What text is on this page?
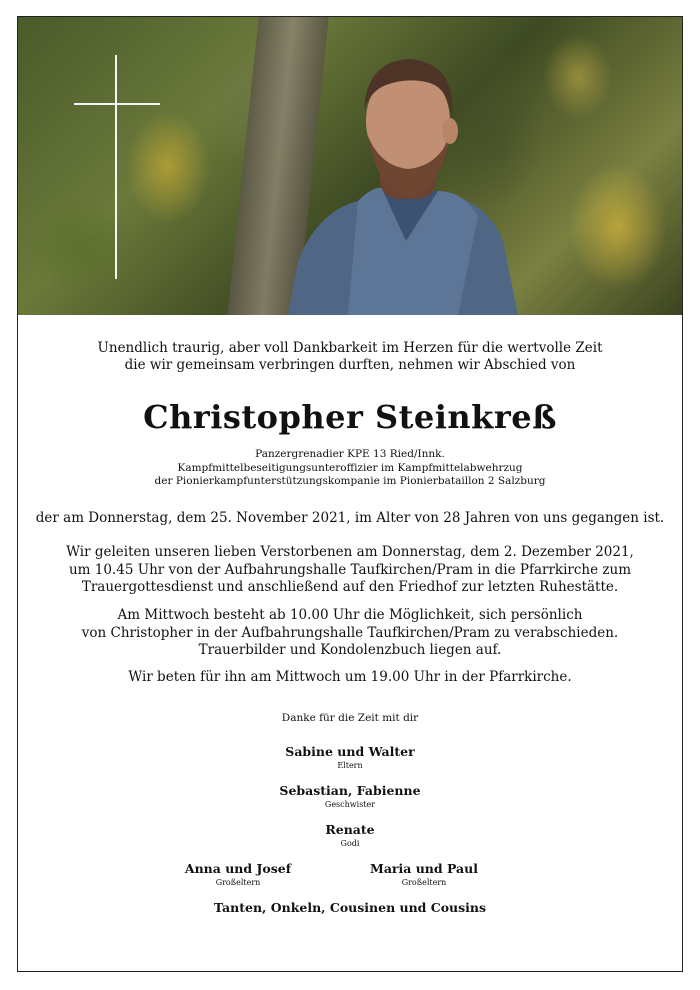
Unendlich traurig, aber voll Dankbarkeit im Herzen für die wertvolle Zeit
die wir gemeinsam verbringen durften, nehmen wir Abschied von
Christopher Steinkreß
Panzergrenadier KPE 13 Ried/Innk.
Kampfmittelbeseitigungsunteroffizier im Kampfmittelabwehrzug
der Pionierkampfunterstützungskompanie im Pionierbataillon 2 Salzburg
der am Donnerstag, dem 25. November 2021, im Alter von 28 Jahren von uns gegangen ist.
Wir geleiten unseren lieben Verstorbenen am Donnerstag, dem 2. Dezember 2021,
um 10.45 Uhr von der Aufbahrungshalle Taufkirchen/Pram in die Pfarrkirche zum
Trauergottesdienst und anschließend auf den Friedhof zur letzten Ruhestätte.
Am Mittwoch besteht ab 10.00 Uhr die Möglichkeit, sich persönlich
von Christopher in der Aufbahrungshalle Taufkirchen/Pram zu verabschieden.
Trauerbilder und Kondolenzbuch liegen auf.
Wir beten für ihn am Mittwoch um 19.00 Uhr in der Pfarrkirche.
Danke für die Zeit mit dir
Sabine und Walter
Eltern
Sebastian, Fabienne
Geschwister
Renate
Godi
Anna und Josef
Großeltern
Maria und Paul
Großeltern
Tanten, Onkeln, Cousinen und Cousins
